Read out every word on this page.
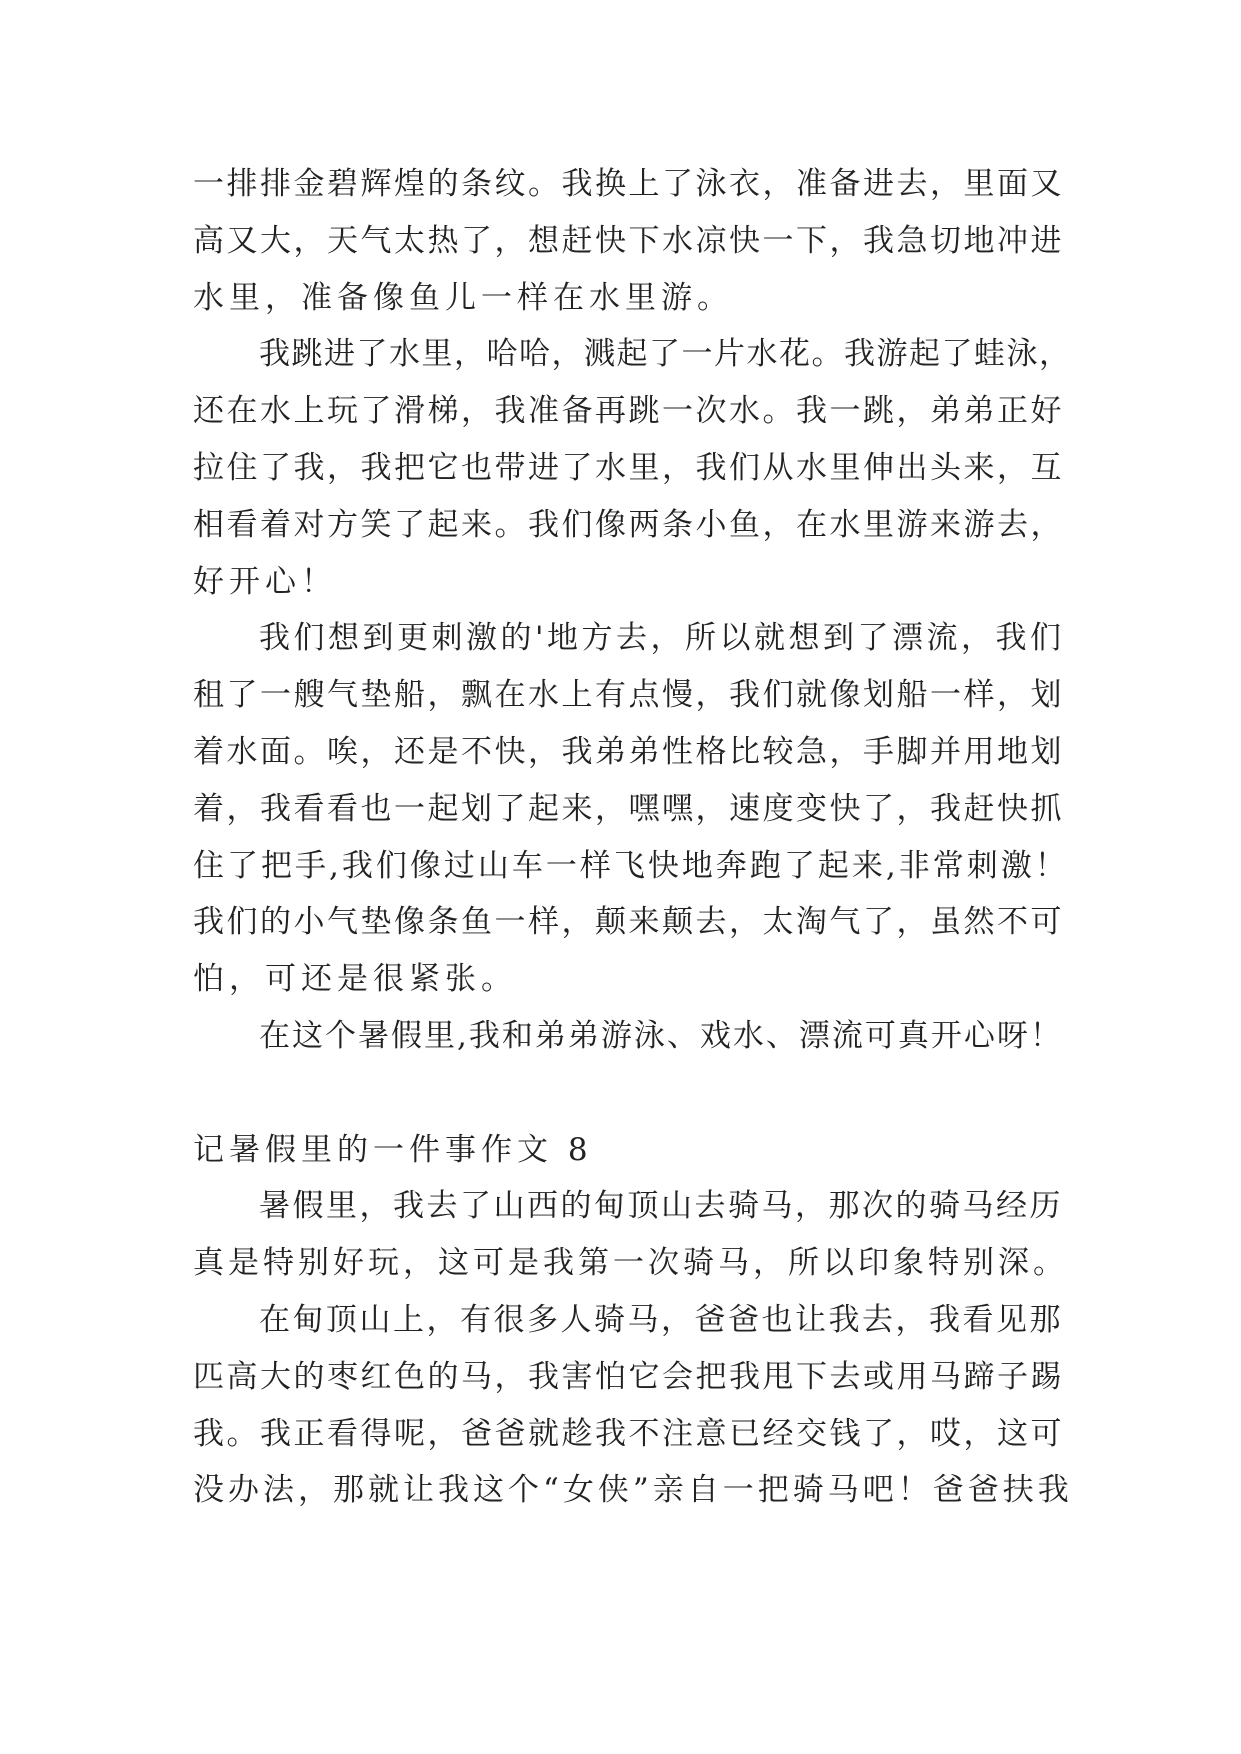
一排排金碧辉煌的条纹。我换上了泳衣，准备进去，里面又
高又大，天气太热了，想赶快下水凉快一下，我急切地冲进
水里，准备像鱼儿一样在水里游。
我跳进了水里，哈哈，溅起了一片水花。我游起了蛙泳，
还在水上玩了滑梯，我准备再跳一次水。我一跳，弟弟正好
拉住了我，我把它也带进了水里，我们从水里伸出头来，互
相看着对方笑了起来。我们像两条小鱼，在水里游来游去，
好开心！
我们想到更刺激的'地方去，所以就想到了漂流，我们
租了一艘气垫船，飘在水上有点慢，我们就像划船一样，划
着水面。唉，还是不快，我弟弟性格比较急，手脚并用地划
着，我看看也一起划了起来，嘿嘿，速度变快了，我赶快抓
住了把手,我们像过山车一样飞快地奔跑了起来,非常刺激！
我们的小气垫像条鱼一样，颠来颠去，太淘气了，虽然不可
怕，可还是很紧张。
在这个暑假里,我和弟弟游泳、戏水、漂流可真开心呀！
记暑假里的一件事作文 8
暑假里，我去了山西的甸顶山去骑马，那次的骑马经历
真是特别好玩，这可是我第一次骑马，所以印象特别深。
在甸顶山上，有很多人骑马，爸爸也让我去，我看见那
匹高大的枣红色的马，我害怕它会把我甩下去或用马蹄子踢
我。我正看得呢，爸爸就趁我不注意已经交钱了，哎，这可
没办法，那就让我这个“女侠”亲自一把骑马吧！爸爸扶我
